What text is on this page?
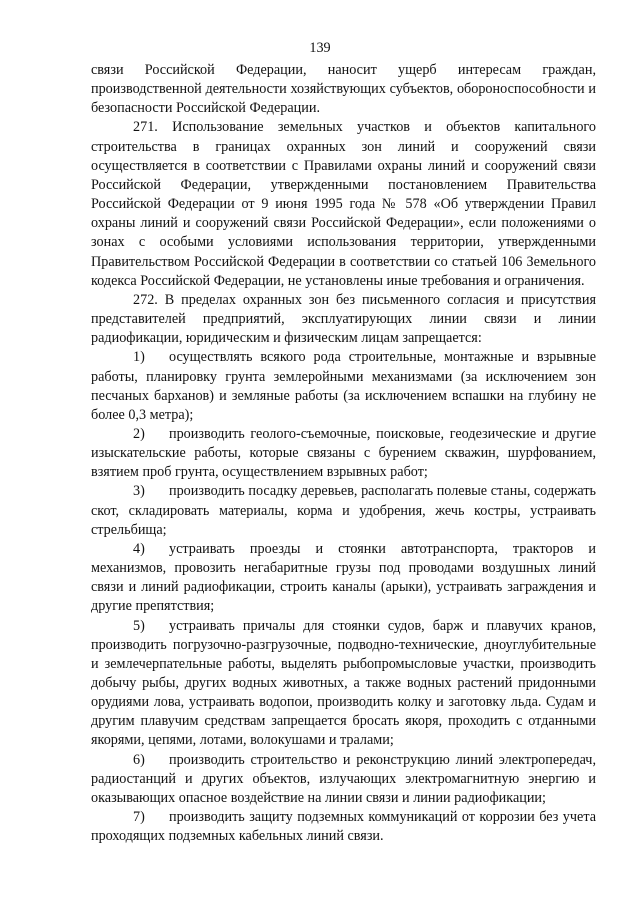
139

связи Российской Федерации, наносит ущерб интересам граждан, производственной деятельности хозяйствующих субъектов, обороноспособности и безопасности Российской Федерации.

271. Использование земельных участков и объектов капитального строительства в границах охранных зон линий и сооружений связи осуществляется в соответствии с Правилами охраны линий и сооружений связи Российской Федерации, утвержденными постановлением Правительства Российской Федерации от 9 июня 1995 года № 578 «Об утверждении Правил охраны линий и сооружений связи Российской Федерации», если положениями о зонах с особыми условиями использования территории, утвержденными Правительством Российской Федерации в соответствии со статьей 106 Земельного кодекса Российской Федерации, не установлены иные требования и ограничения.

272. В пределах охранных зон без письменного согласия и присутствия представителей предприятий, эксплуатирующих линии связи и линии радиофикации, юридическим и физическим лицам запрещается:

1) осуществлять всякого рода строительные, монтажные и взрывные работы, планировку грунта землеройными механизмами (за исключением зон песчаных барханов) и земляные работы (за исключением вспашки на глубину не более 0,3 метра);

2) производить геолого-съемочные, поисковые, геодезические и другие изыскательские работы, которые связаны с бурением скважин, шурфованием, взятием проб грунта, осуществлением взрывных работ;

3) производить посадку деревьев, располагать полевые станы, содержать скот, складировать материалы, корма и удобрения, жечь костры, устраивать стрельбища;

4) устраивать проезды и стоянки автотранспорта, тракторов и механизмов, провозить негабаритные грузы под проводами воздушных линий связи и линий радиофикации, строить каналы (арыки), устраивать заграждения и другие препятствия;

5) устраивать причалы для стоянки судов, барж и плавучих кранов, производить погрузочно-разгрузочные, подводно-технические, дноуглубительные и землечерпательные работы, выделять рыбопромысловые участки, производить добычу рыбы, других водных животных, а также водных растений придонными орудиями лова, устраивать водопои, производить колку и заготовку льда. Судам и другим плавучим средствам запрещается бросать якоря, проходить с отданными якорями, цепями, лотами, волокушами и тралами;

6) производить строительство и реконструкцию линий электропередач, радиостанций и других объектов, излучающих электромагнитную энергию и оказывающих опасное воздействие на линии связи и линии радиофикации;

7) производить защиту подземных коммуникаций от коррозии без учета проходящих подземных кабельных линий связи.
